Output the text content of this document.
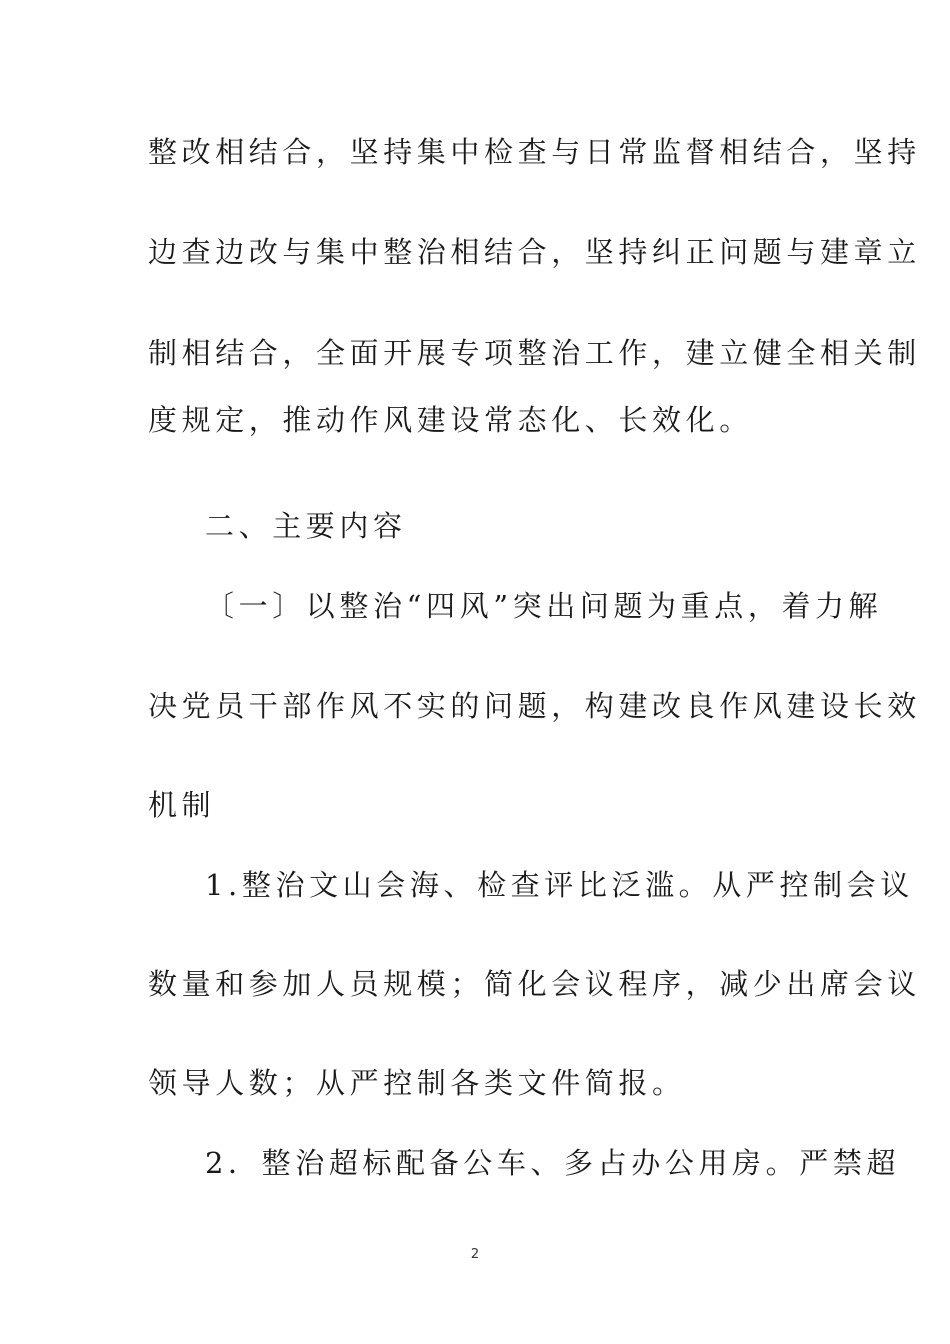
整改相结合，坚持集中检查与日常监督相结合，坚持
边查边改与集中整治相结合，坚持纠正问题与建章立
制相结合，全面开展专项整治工作，建立健全相关制
度规定，推动作风建设常态化、长效化。
二、主要内容
〔一〕以整治“四风”突出问题为重点，着力解
决党员干部作风不实的问题，构建改良作风建设长效
机制
1.整治文山会海、检查评比泛滥。从严控制会议
数量和参加人员规模；简化会议程序，减少出席会议
领导人数；从严控制各类文件简报。
2．整治超标配备公车、多占办公用房。严禁超
2
